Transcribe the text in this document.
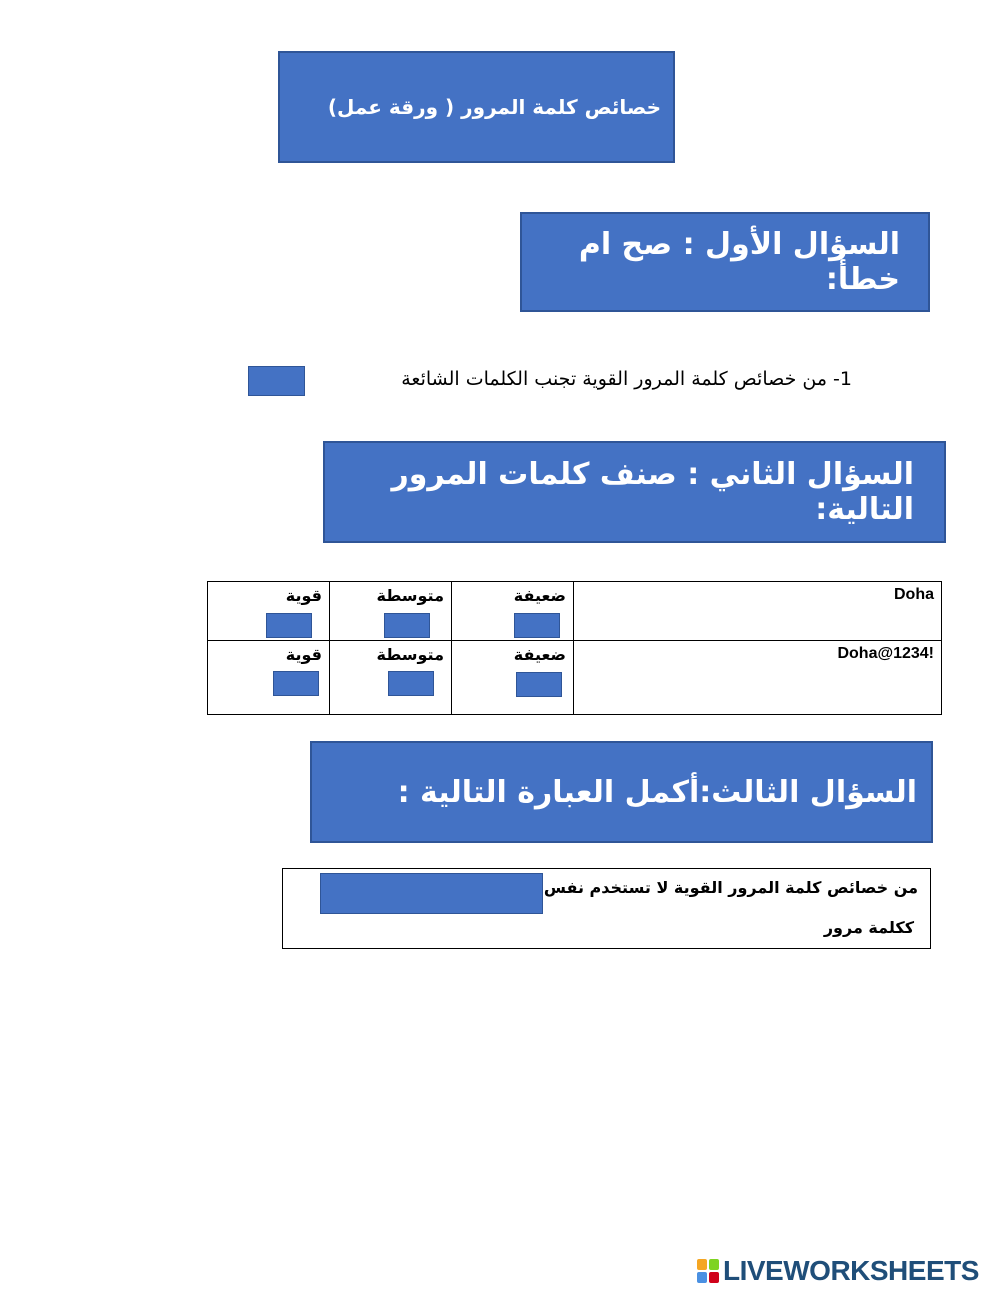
خصائص كلمة المرور ( ورقة عمل)
السؤال الأول : صح ام خطأ:
1- من خصائص كلمة المرور القوية تجنب الكلمات الشائعة
السؤال الثاني : صنف كلمات المرور التالية:
قوية	متوسطة	ضعيفة	Doha

قوية	متوسطة	ضعيفة	Doha@1234!
السؤال الثالث:أكمل العبارة التالية :
من خصائص كلمة المرور القوية لا تستخدم نفس
ككلمة مرور
LIVEWORKSHEETS
